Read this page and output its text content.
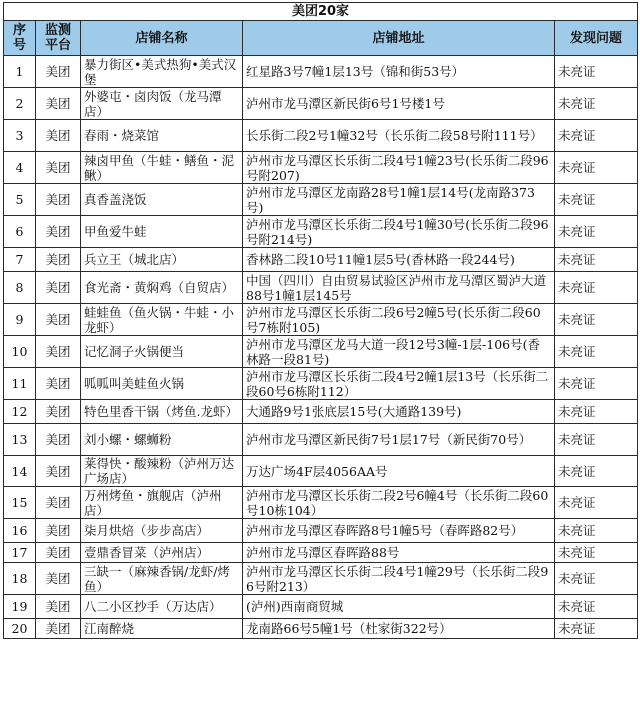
美团20家				
序号	监测平台	店铺名称	店铺地址	发现问题
1	美团	暴力街区•美式热狗•美式汉堡	红星路3号7幢1层13号（锦和街53号）	未亮证
2	美团	外婆屯・卤肉饭（龙马潭店）	泸州市龙马潭区新民街6号1号楼1号	未亮证
3	美团	春雨・烧菜馆	长乐街二段2号1幢32号（长乐街二段58号附111号）	未亮证
4	美团	辣卤甲鱼（牛蛙・鳝鱼・泥鳅）	泸州市龙马潭区长乐街二段4号1幢23号(长乐街二段96号附207)	未亮证
5	美团	真香盖浇饭	泸州市龙马潭区龙南路28号1幢1层14号(龙南路373号)	未亮证
6	美团	甲鱼爱牛蛙	泸州市龙马潭区长乐街二段4号1幢30号(长乐街二段96号附214号)	未亮证
7	美团	兵立王（城北店）	香林路二段10号11幢1层5号(香林路一段244号)	未亮证
8	美团	食光斋・黄焖鸡（自贸店）	中国（四川）自由贸易试验区泸州市龙马潭区蜀泸大道88号1幢1层145号	未亮证
9	美团	蛙蛙鱼（鱼火锅・牛蛙・小龙虾）	泸州市龙马潭区长乐街二段6号2幢5号(长乐街二段60号7栋附105)	未亮证
10	美团	记忆洞子火锅便当	泸州市龙马潭区龙马大道一段12号3幢-1层-106号(香林路一段81号)	未亮证
11	美团	呱呱叫美蛙鱼火锅	泸州市龙马潭区长乐街二段4号2幢1层13号（长乐街二段60号6栋附112）	未亮证
12	美团	特色里香干锅（烤鱼.龙虾）	大通路9号1张底层15号(大通路139号)	未亮证
13	美团	刘小螺・螺蛳粉	泸州市龙马潭区新民街7号1层17号（新民街70号）	未亮证
14	美团	莱得快・酸辣粉（泸州万达广场店）	万达广场4F层4056AA号	未亮证
15	美团	万州烤鱼・旗舰店（泸州店）	泸州市龙马潭区长乐街二段2号6幢4号（长乐街二段60号10栋104）	未亮证
16	美团	柒月烘焙（步步高店）	泸州市龙马潭区春晖路8号1幢5号（春晖路82号）	未亮证
17	美团	壹鼎香冒菜（泸州店）	泸州市龙马潭区春晖路88号	未亮证
18	美团	三缺一（麻辣香锅/龙虾/烤鱼）	泸州市龙马潭区长乐街二段4号1幢29号（长乐街二段96号附213）	未亮证
19	美团	八二小区抄手（万达店）	(泸州)西南商贸城	未亮证
20	美团	江南醉烧	龙南路66号5幢1号（杜家街322号）	未亮证
